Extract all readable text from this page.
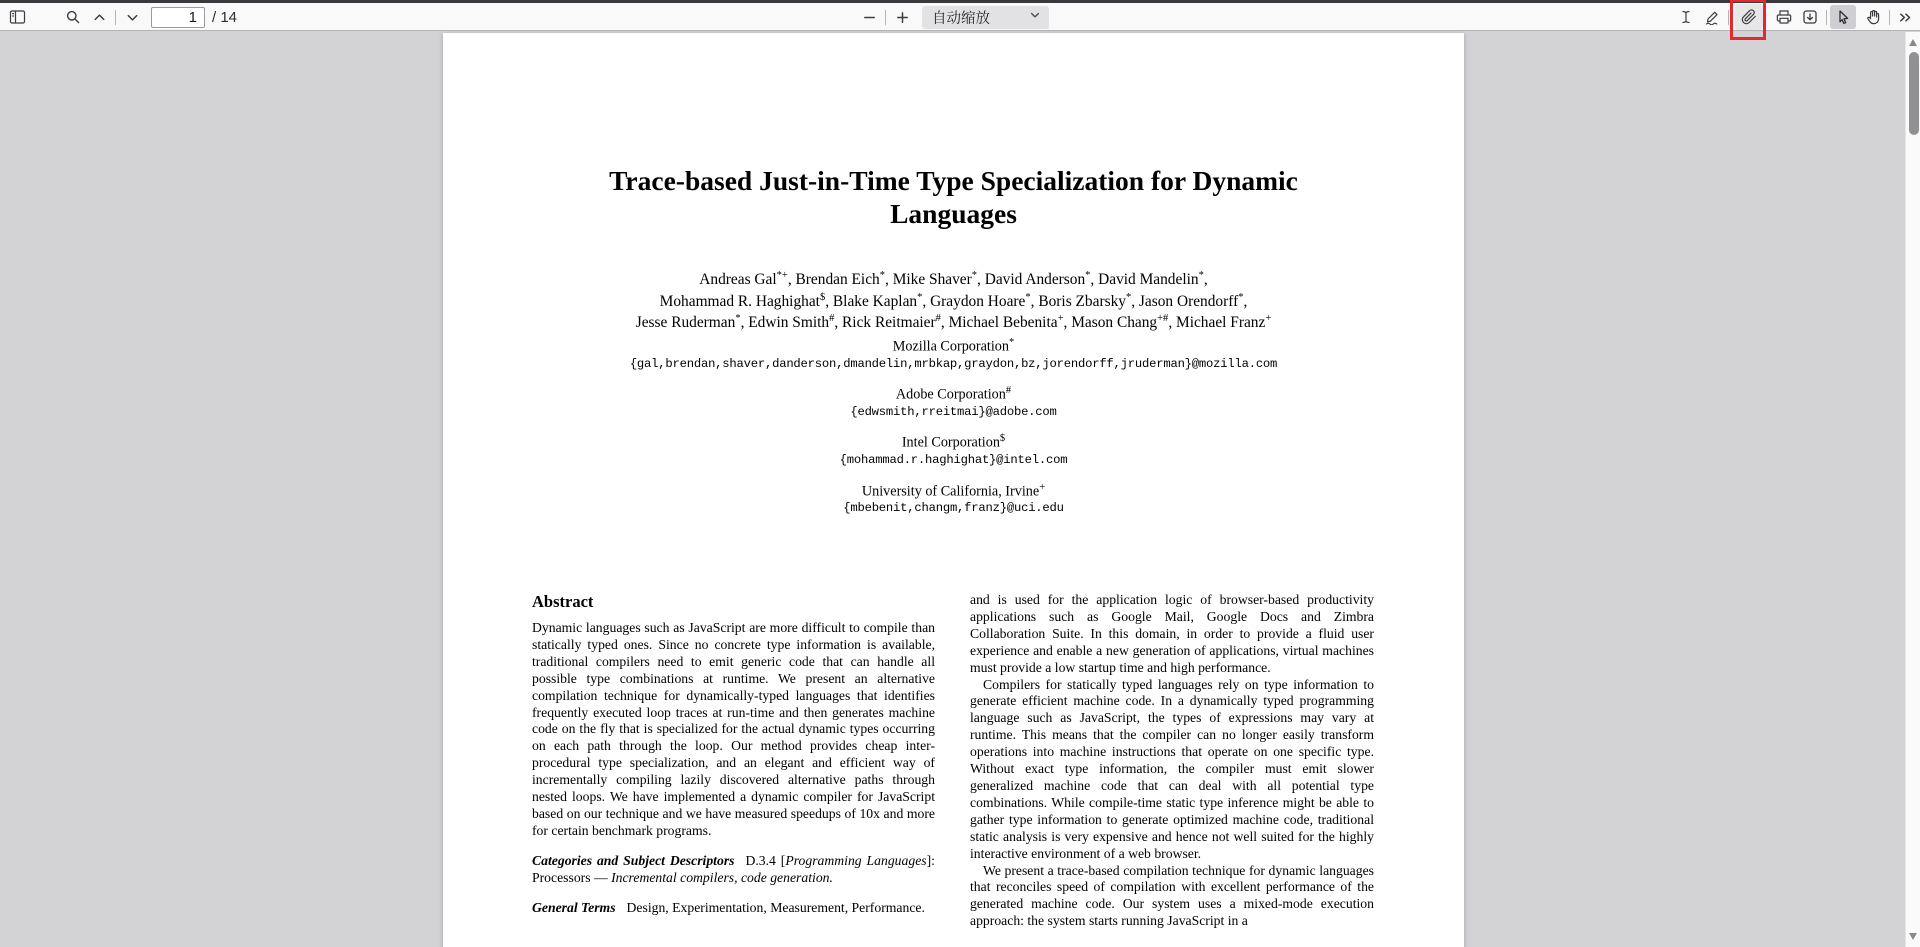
1
/ 14	自动缩放
Trace-based Just-in-Time Type Specialization for Dynamic
Languages
Andreas Gal*+, Brendan Eich*, Mike Shaver*, David Anderson*, David Mandelin*,
Mohammad R. Haghighat$, Blake Kaplan*, Graydon Hoare*, Boris Zbarsky*, Jason Orendorff*,
Jesse Ruderman*, Edwin Smith#, Rick Reitmaier#, Michael Bebenita+, Mason Chang+#, Michael Franz+
Mozilla Corporation*
{gal,brendan,shaver,danderson,dmandelin,mrbkap,graydon,bz,jorendorff,jruderman}@mozilla.com
Adobe Corporation#
{edwsmith,rreitmai}@adobe.com
Intel Corporation$
{mohammad.r.haghighat}@intel.com
University of California, Irvine+
{mbebenit,changm,franz}@uci.edu
Abstract

Dynamic languages such as JavaScript are more difficult to compile than statically typed ones. Since no concrete type information is available, traditional compilers need to emit generic code that can handle all possible type combinations at runtime. We present an alternative compilation technique for dynamically-typed languages that identifies frequently executed loop traces at run-time and then generates machine code on the fly that is specialized for the actual dynamic types occurring on each path through the loop. Our method provides cheap inter-procedural type specialization, and an elegant and efficient way of incrementally compiling lazily discovered alternative paths through nested loops. We have implemented a dynamic compiler for JavaScript based on our technique and we have measured speedups of 10x and more for certain benchmark programs.

Categories and Subject Descriptors D.3.4 [Programming Languages]: Processors — Incremental compilers, code generation.

General Terms Design, Experimentation, Measurement, Performance.

and is used for the application logic of browser-based productivity applications such as Google Mail, Google Docs and Zimbra Collaboration Suite. In this domain, in order to provide a fluid user experience and enable a new generation of applications, virtual machines must provide a low startup time and high performance.

Compilers for statically typed languages rely on type information to generate efficient machine code. In a dynamically typed programming language such as JavaScript, the types of expressions may vary at runtime. This means that the compiler can no longer easily transform operations into machine instructions that operate on one specific type. Without exact type information, the compiler must emit slower generalized machine code that can deal with all potential type combinations. While compile-time static type inference might be able to gather type information to generate optimized machine code, traditional static analysis is very expensive and hence not well suited for the highly interactive environment of a web browser.

We present a trace-based compilation technique for dynamic languages that reconciles speed of compilation with excellent performance of the generated machine code. Our system uses a mixed-mode execution approach: the system starts running JavaScript in a
